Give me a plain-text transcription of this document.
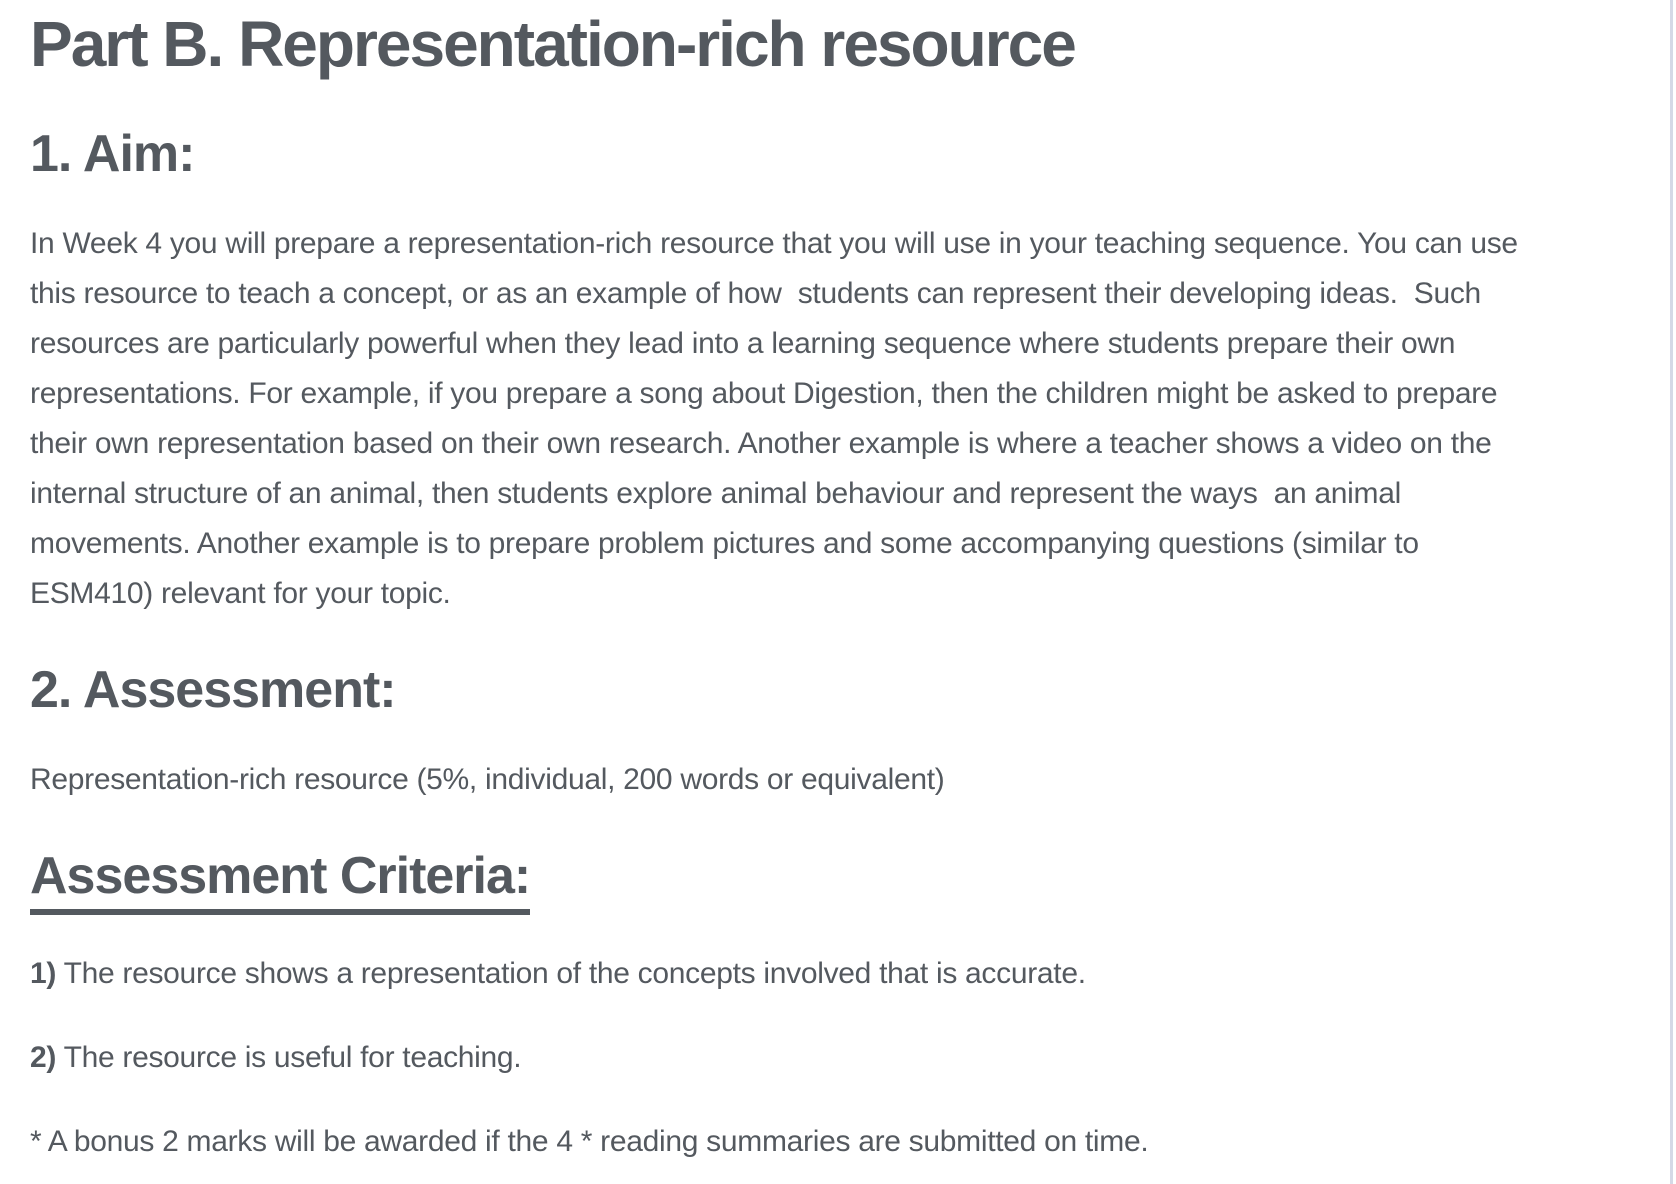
Part B. Representation-rich resource
1. Aim:

In Week 4 you will prepare a representation-rich resource that you will use in your teaching sequence. You can use this resource to teach a concept, or as an example of how  students can represent their developing ideas.  Such resources are particularly powerful when they lead into a learning sequence where students prepare their own representations. For example, if you prepare a song about Digestion, then the children might be asked to prepare their own representation based on their own research. Another example is where a teacher shows a video on the internal structure of an animal, then students explore animal behaviour and represent the ways  an animal movements. Another example is to prepare problem pictures and some accompanying questions (similar to ESM410) relevant for your topic.

2. Assessment:

Representation-rich resource (5%, individual, 200 words or equivalent)

Assessment Criteria:

1) The resource shows a representation of the concepts involved that is accurate.

2) The resource is useful for teaching.

* A bonus 2 marks will be awarded if the 4 * reading summaries are submitted on time.
